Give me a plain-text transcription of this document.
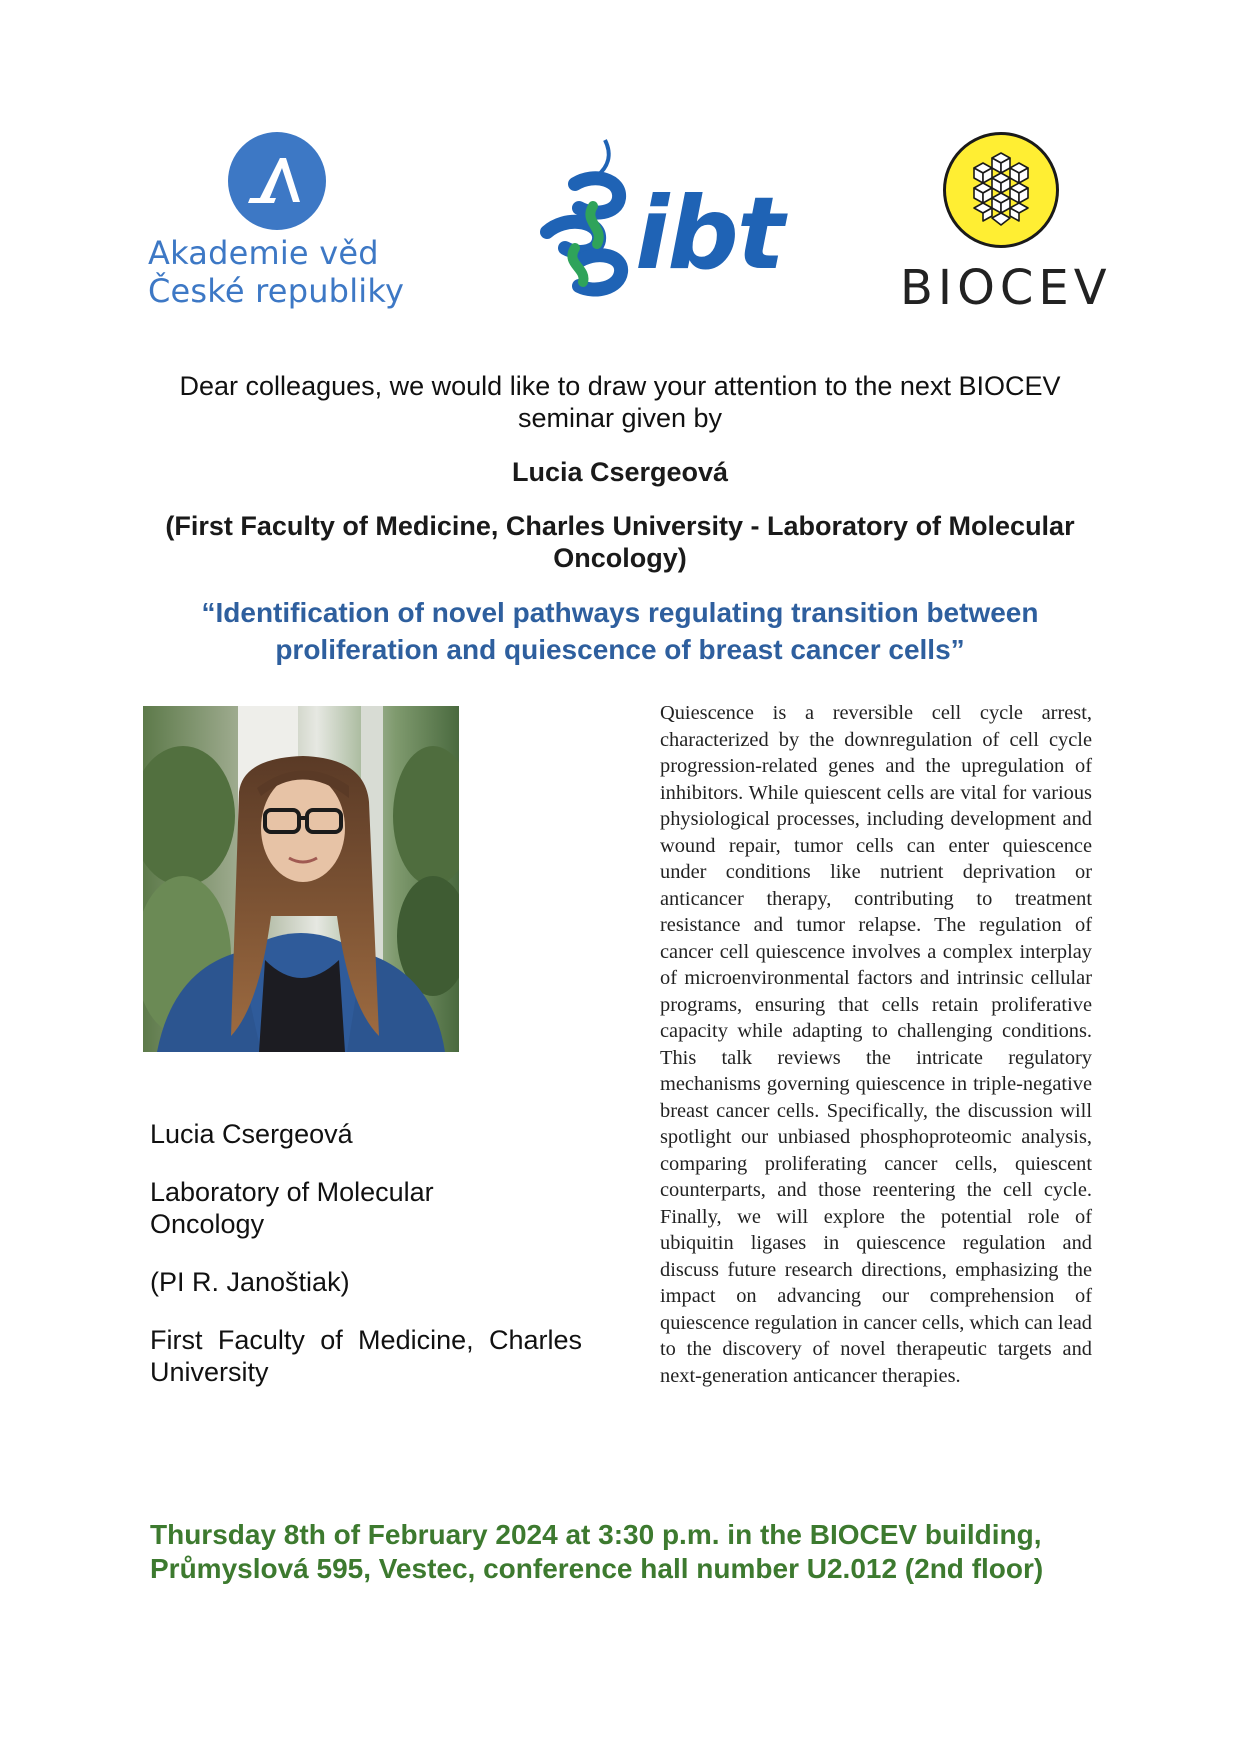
Akademie věd
České republiky ibt BIOCEV

Dear colleagues, we would like to draw your attention to the next BIOCEV seminar given by

Lucia Csergeová

(First Faculty of Medicine, Charles University - Laboratory of Molecular Oncology)

“Identification of novel pathways regulating transition between proliferation and quiescence of breast cancer cells”

Lucia Csergeová

Laboratory of Molecular Oncology

(PI R. Janoštiak)

First Faculty of Medicine, Charles University

Quiescence is a reversible cell cycle arrest, characterized by the downregulation of cell cycle progression-related genes and the upregulation of inhibitors. While quiescent cells are vital for various physiological processes, including development and wound repair, tumor cells can enter quiescence under conditions like nutrient deprivation or anticancer therapy, contributing to treatment resistance and tumor relapse. The regulation of cancer cell quiescence involves a complex interplay of microenvironmental factors and intrinsic cellular programs, ensuring that cells retain proliferative capacity while adapting to challenging conditions. This talk reviews the intricate regulatory mechanisms governing quiescence in triple-negative breast cancer cells. Specifically, the discussion will spotlight our unbiased phosphoproteomic analysis, comparing proliferating cancer cells, quiescent counterparts, and those reentering the cell cycle. Finally, we will explore the potential role of ubiquitin ligases in quiescence regulation and discuss future research directions, emphasizing the impact on advancing our comprehension of quiescence regulation in cancer cells, which can lead to the discovery of novel therapeutic targets and next-generation anticancer therapies.

Thursday 8th of February 2024 at 3:30 p.m. in the BIOCEV building,
Průmyslová 595, Vestec, conference hall number U2.012 (2nd floor)
